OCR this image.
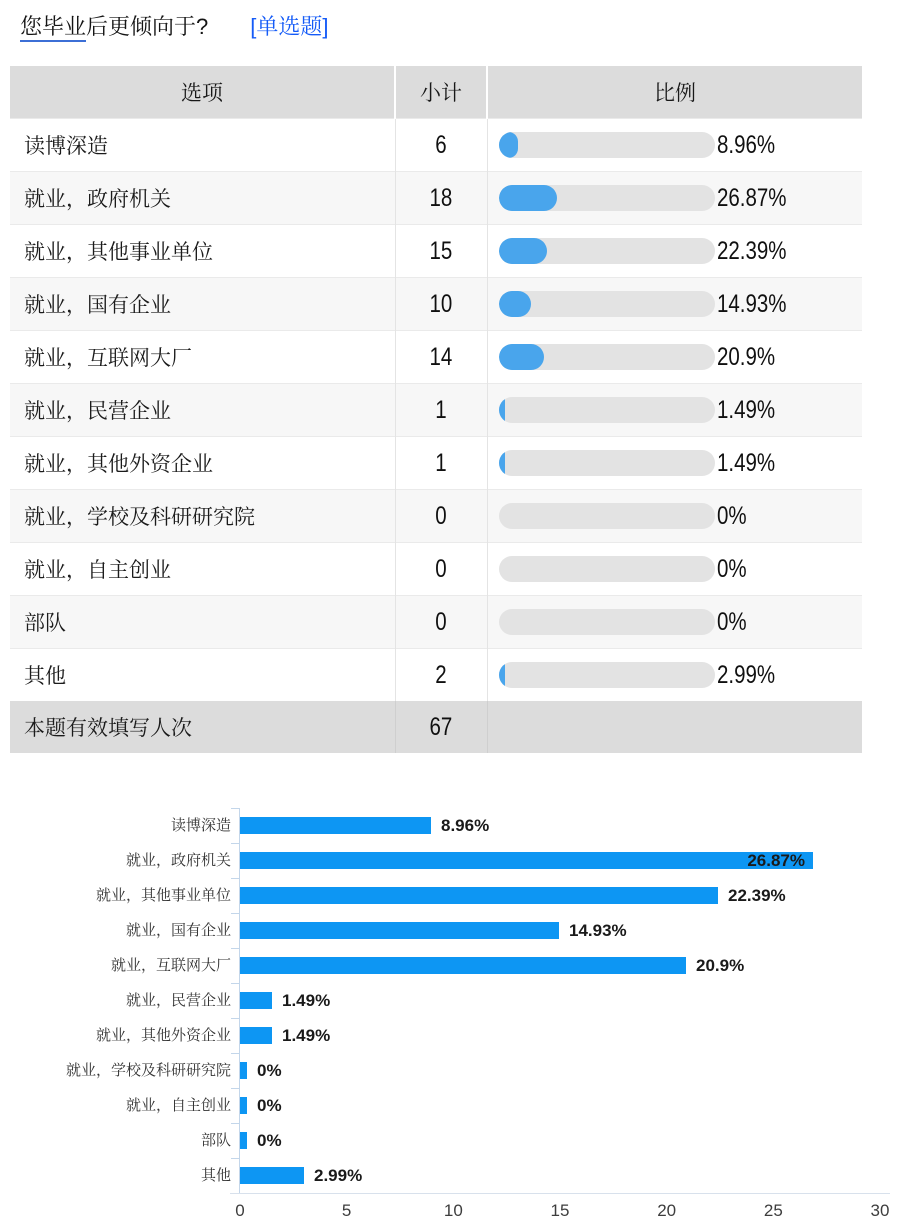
您毕业后更倾向于? [单选题]
选项	小计	比例
读博深造	6	8.96%

就业，政府机关	18	26.87%

就业，其他事业单位	15	22.39%

就业，国有企业	10	14.93%

就业，互联网大厂	14	20.9%

就业，民营企业	1	1.49%

就业，其他外资企业	1	1.49%

就业，学校及科研研究院	0	0%

就业，自主创业	0	0%

部队	0	0%

其他	2	2.99%

本题有效填写人次	67	
读博深造	8.96%
就业，政府机关	26.87%
就业，其他事业单位	22.39%
就业，国有企业	14.93%
就业，互联网大厂	20.9%
就业，民营企业	1.49%
就业，其他外资企业	1.49%
就业，学校及科研研究院 0%
就业，自主创业 0%
部队 0%
其他	2.99%
0	5	10	15	20	25	30
